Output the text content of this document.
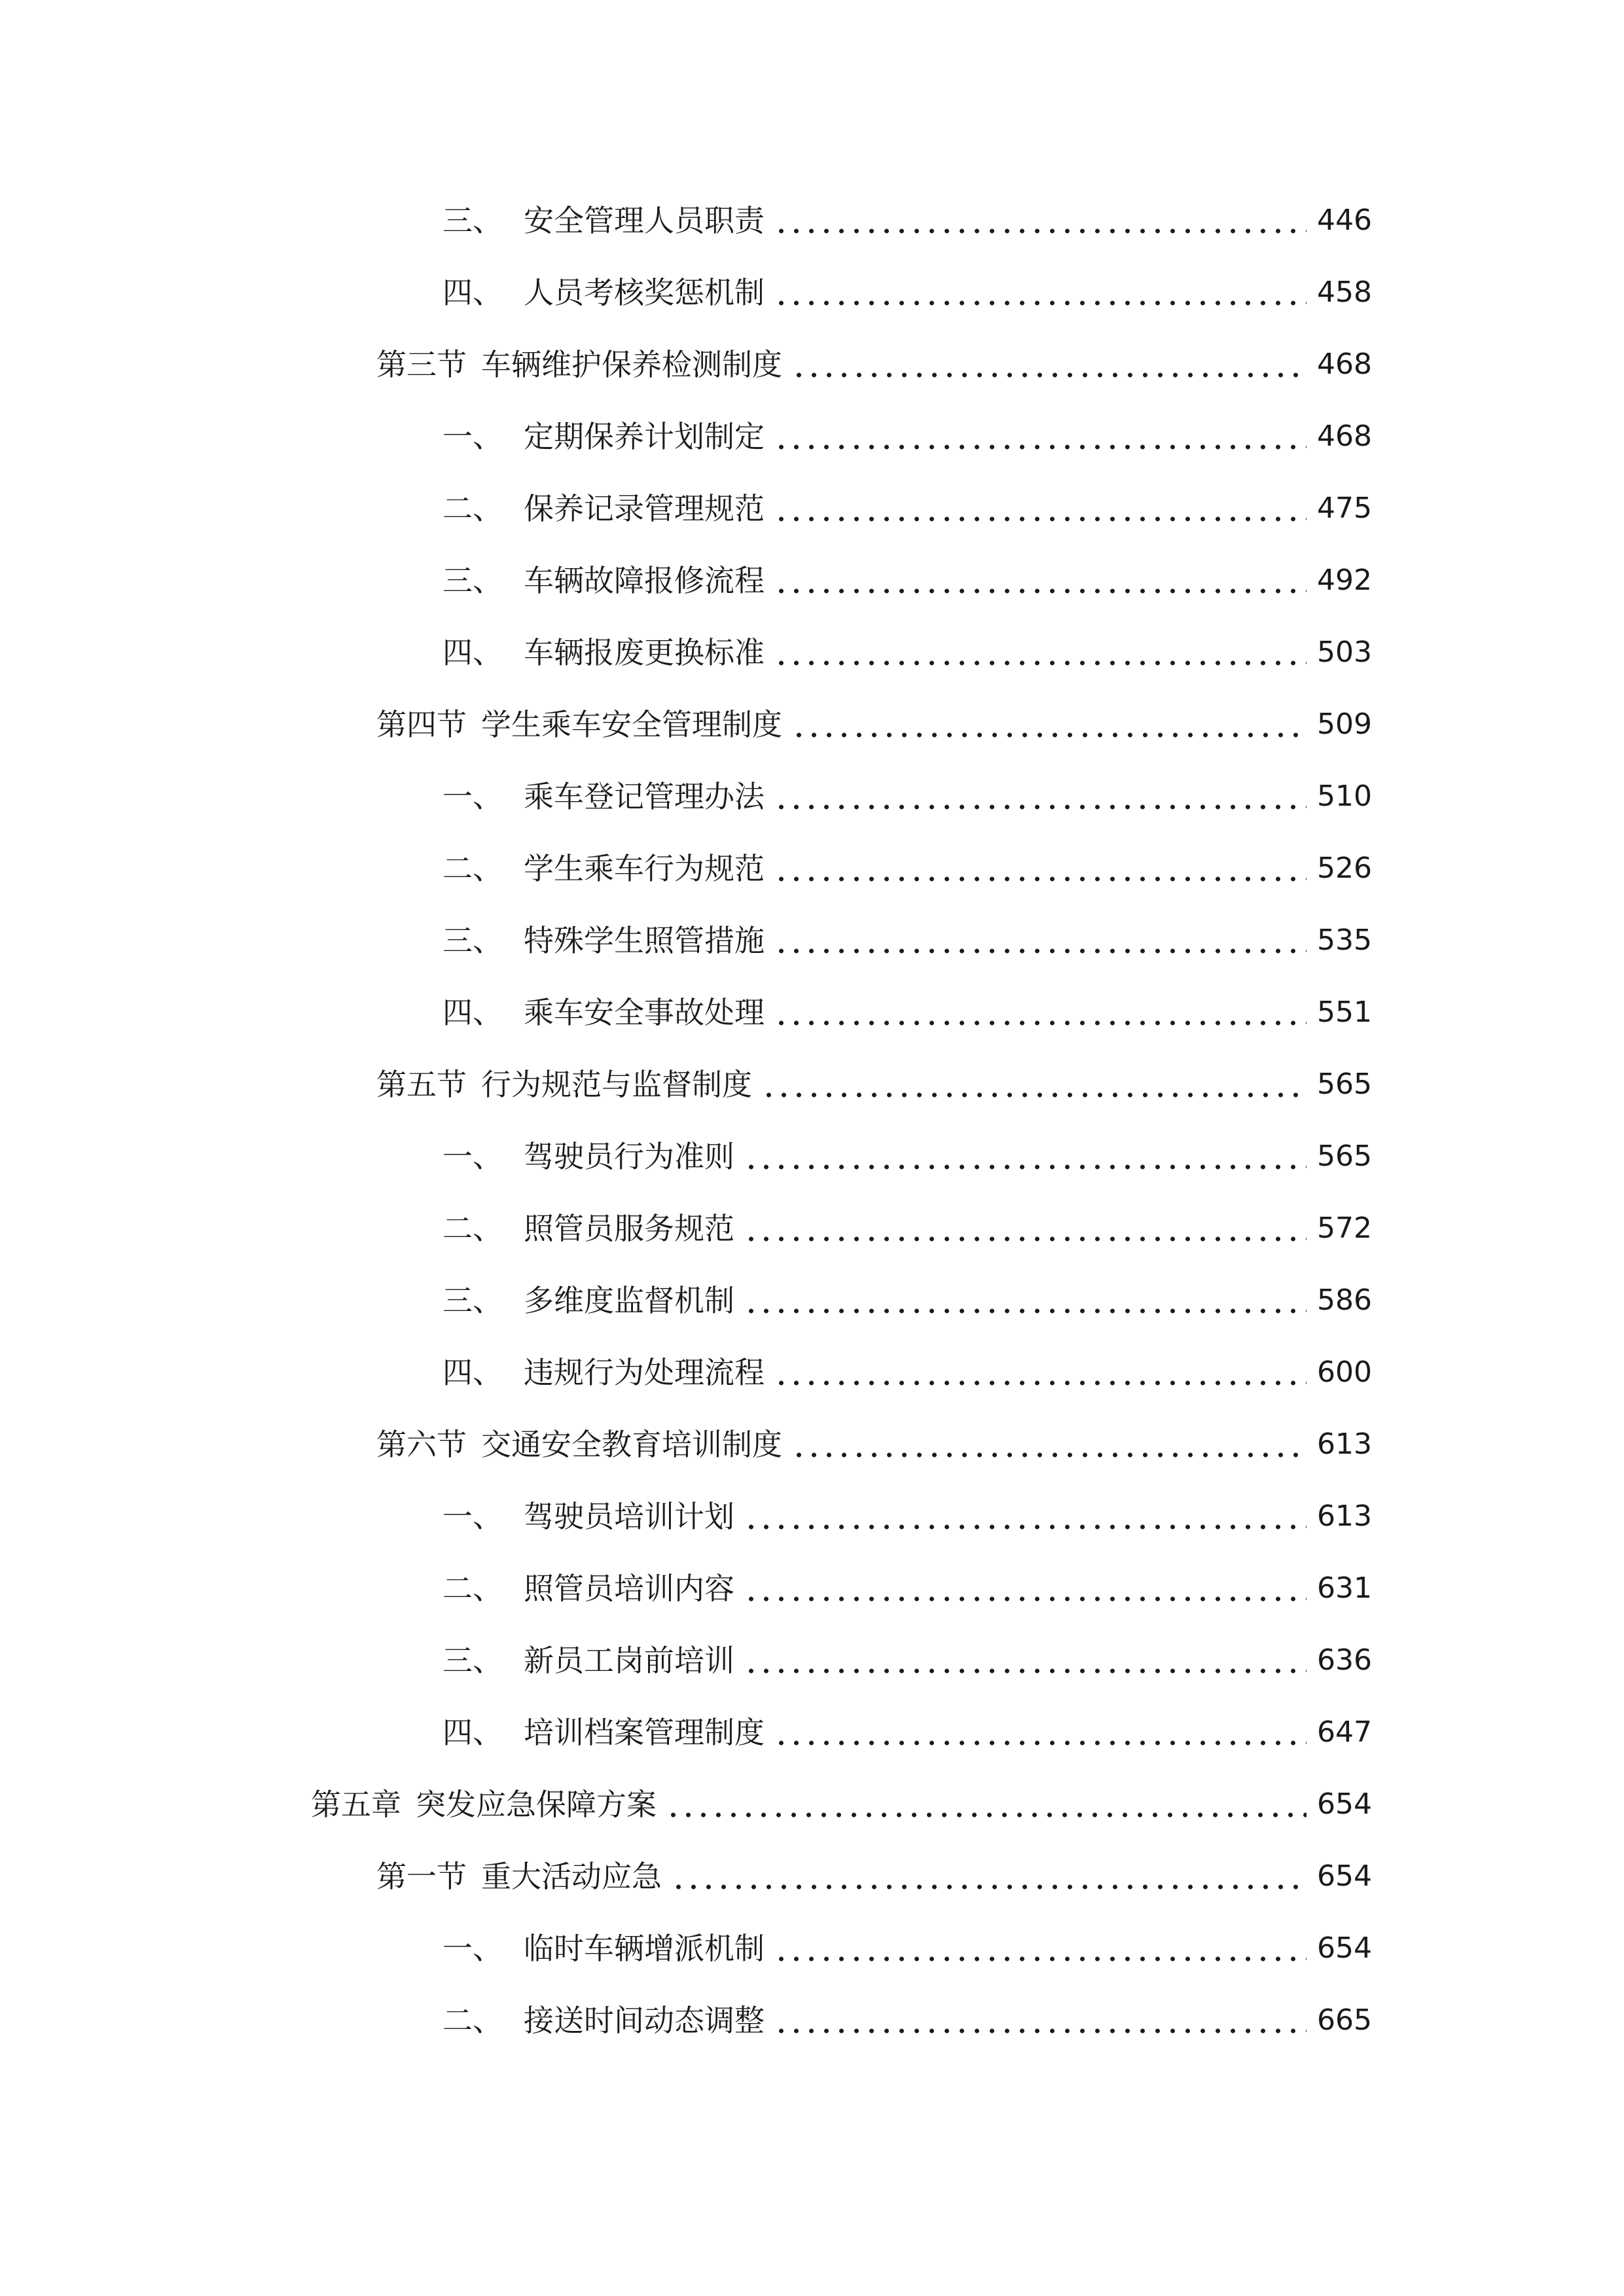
三、 安全管理人员职责	446
四、 人员考核奖惩机制	458
第三节 车辆维护保养检测制度	468
一、 定期保养计划制定	468
二、 保养记录管理规范	475
三、 车辆故障报修流程	492
四、 车辆报废更换标准	503
第四节 学生乘车安全管理制度	509
一、 乘车登记管理办法	510
二、 学生乘车行为规范	526
三、 特殊学生照管措施	535
四、 乘车安全事故处理	551
第五节 行为规范与监督制度	565
一、 驾驶员行为准则	565
二、 照管员服务规范	572
三、 多维度监督机制	586
四、 违规行为处理流程	600
第六节 交通安全教育培训制度	613
一、 驾驶员培训计划	613
二、 照管员培训内容	631
三、 新员工岗前培训	636
四、 培训档案管理制度	647
第五章 突发应急保障方案	654
第一节 重大活动应急	654
一、 临时车辆增派机制	654
二、 接送时间动态调整	665
